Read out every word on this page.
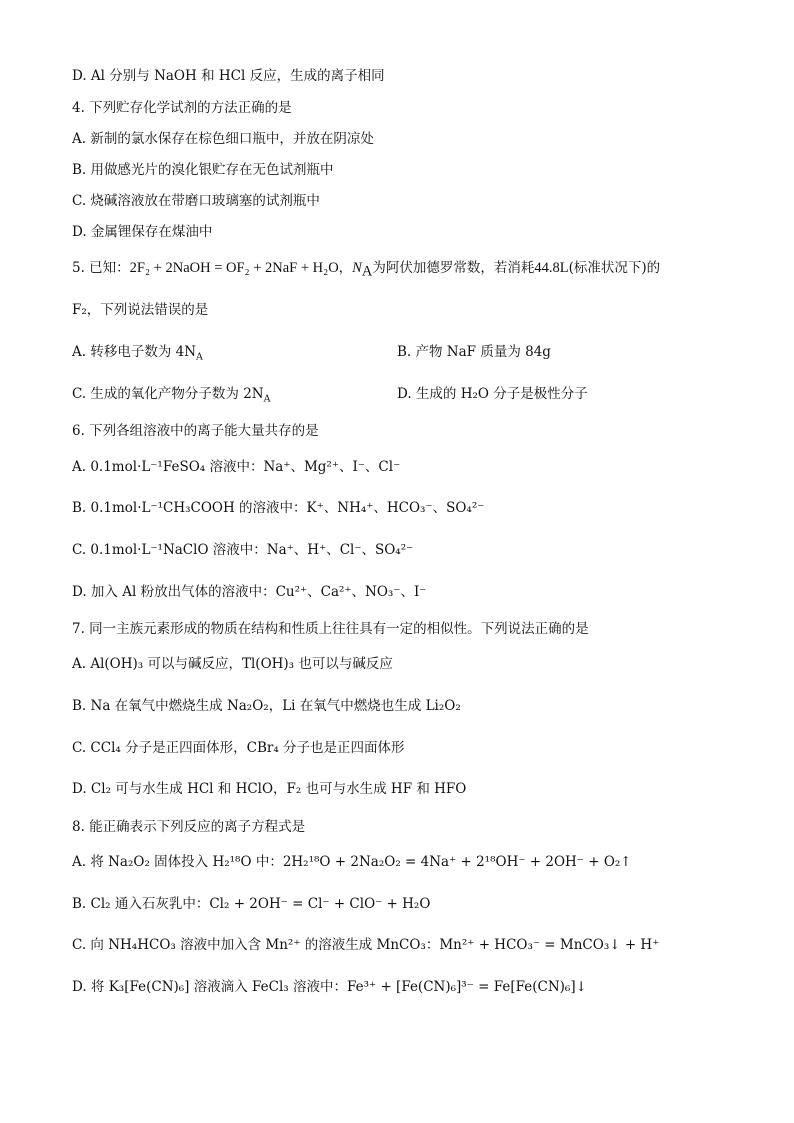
D. Al 分别与 NaOH 和 HCl 反应，生成的离子相同
4. 下列贮存化学试剂的方法正确的是
A. 新制的氯水保存在棕色细口瓶中，并放在阴凉处
B. 用做感光片的溴化银贮存在无色试剂瓶中
C. 烧碱溶液放在带磨口玻璃塞的试剂瓶中
D. 金属锂保存在煤油中
5. 已知：2F₂ + 2NaOH = OF₂ + 2NaF + H₂O，$N_A$为阿伏加德罗常数，若消耗44.8L(标准状况下)的
F₂，下列说法错误的是
A. 转移电子数为 $4N_A$	B. 产物 NaF 质量为 84g
C. 生成的氧化产物分子数为 $2N_A$	D. 生成的 H₂O 分子是极性分子
6. 下列各组溶液中的离子能大量共存的是
A. 0.1mol·L⁻¹FeSO₄ 溶液中：Na⁺、Mg²⁺、I⁻、Cl⁻
B. 0.1mol·L⁻¹CH₃COOH 的溶液中：K⁺、NH₄⁺、HCO₃⁻、SO₄²⁻
C. 0.1mol·L⁻¹NaClO 溶液中：Na⁺、H⁺、Cl⁻、SO₄²⁻
D. 加入 Al 粉放出气体的溶液中：Cu²⁺、Ca²⁺、NO₃⁻、I⁻
7. 同一主族元素形成的物质在结构和性质上往往具有一定的相似性。下列说法正确的是
A. Al(OH)₃ 可以与碱反应，Tl(OH)₃ 也可以与碱反应
B. Na 在氧气中燃烧生成 Na₂O₂，Li 在氧气中燃烧也生成 Li₂O₂
C. CCl₄ 分子是正四面体形，CBr₄ 分子也是正四面体形
D. Cl₂ 可与水生成 HCl 和 HClO，F₂ 也可与水生成 HF 和 HFO
8. 能正确表示下列反应的离子方程式是
A. 将 Na₂O₂ 固体投入 H₂¹⁸O 中：2H₂¹⁸O + 2Na₂O₂ = 4Na⁺ + 2¹⁸OH⁻ + 2OH⁻ + O₂↑
B. Cl₂ 通入石灰乳中：Cl₂ + 2OH⁻ = Cl⁻ + ClO⁻ + H₂O
C. 向 NH₄HCO₃ 溶液中加入含 Mn²⁺ 的溶液生成 MnCO₃：Mn²⁺ + HCO₃⁻ = MnCO₃↓ + H⁺
D. 将 K₃[Fe(CN)₆] 溶液滴入 FeCl₃ 溶液中：Fe³⁺ + [Fe(CN)₆]³⁻ = Fe[Fe(CN)₆]↓
